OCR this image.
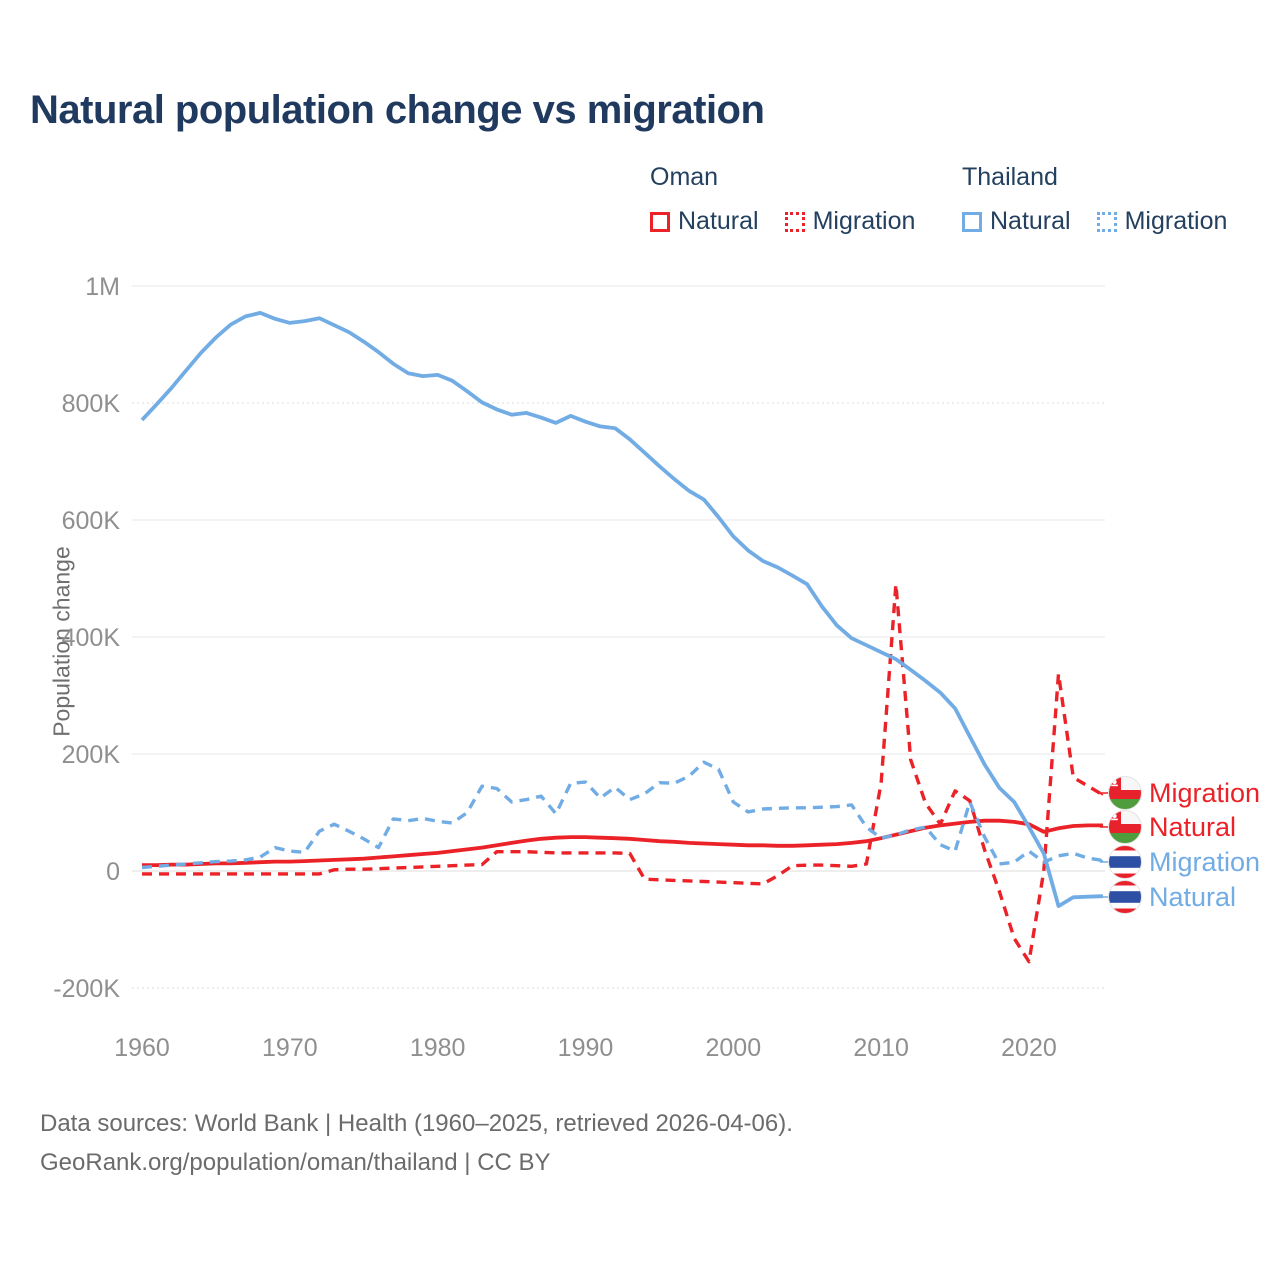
Natural population change vs migration

Oman

Natural Migration

Thailand

Natural Migration
Population change
1M
800K
600K
400K
200K
0
-200K
1960	1970	1980	1990	2000	2010	2020
Migration
Natural
Migration
Natural
Data sources: World Bank | Health (1960–2025, retrieved 2026-04-06).
GeoRank.org/population/oman/thailand | CC BY
